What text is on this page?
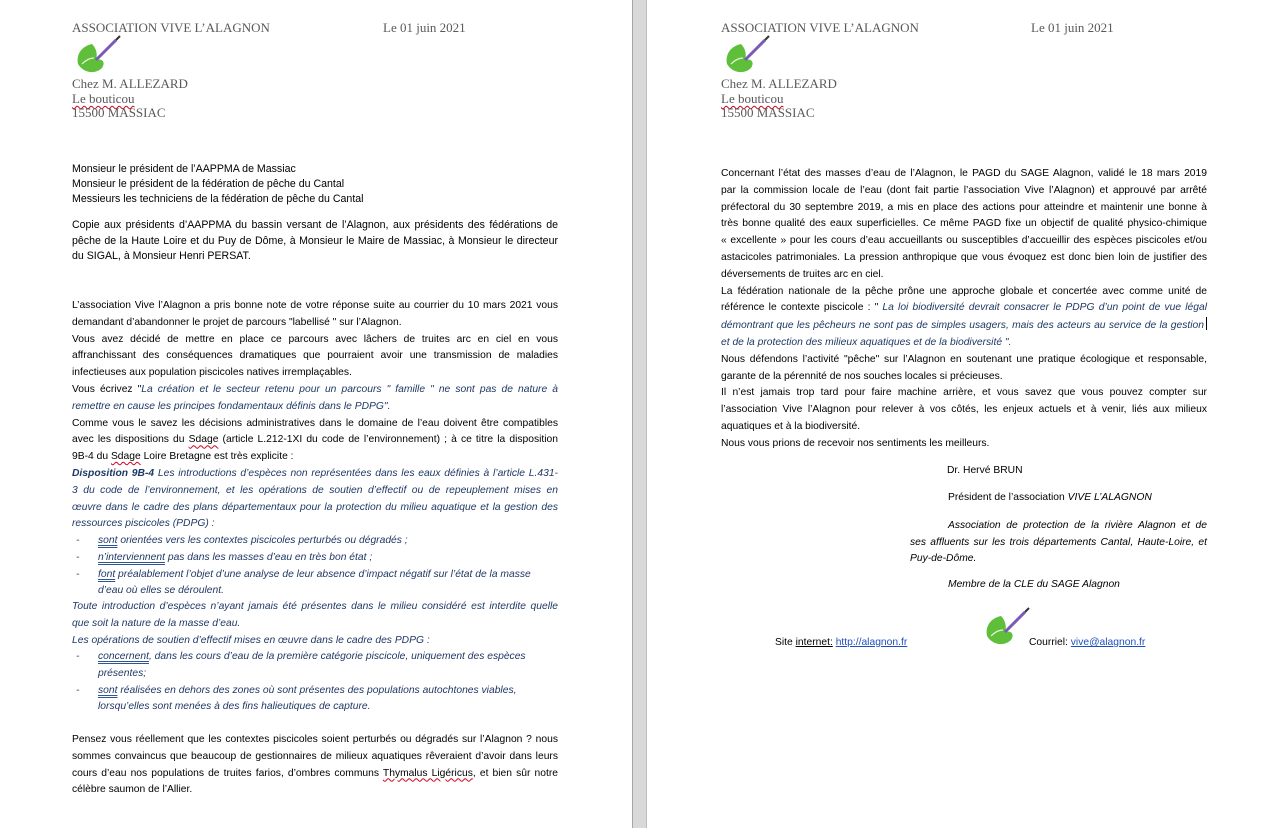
ASSOCIATION VIVE L’ALAGNON	Le 01 juin 2021
Chez M. ALLEZARD
Le bouticou
15500 MASSIAC
Monsieur le président de l’AAPPMA de Massiac
Monsieur le président de la fédération de pêche du Cantal
Messieurs les techniciens de la fédération de pêche du Cantal
Copie aux présidents d’AAPPMA du bassin versant de l’Alagnon, aux présidents des fédérations de
pêche de la Haute Loire et du Puy de Dôme, à Monsieur le Maire de Massiac, à Monsieur le directeur
du SIGAL, à Monsieur Henri PERSAT.
L’association Vive l’Alagnon a pris bonne note de votre réponse suite au courrier du 10 mars 2021 vous
demandant d’abandonner le projet de parcours "labellisé " sur l’Alagnon.
Vous avez décidé de mettre en place ce parcours avec lâchers de truites arc en ciel en vous
affranchissant des conséquences dramatiques que pourraient avoir une transmission de maladies
infectieuses aux population piscicoles natives irremplaçables.
Vous écrivez "La création et le secteur retenu pour un parcours " famille " ne sont pas de nature à
remettre en cause les principes fondamentaux définis dans le PDPG".
Comme vous le savez les décisions administratives dans le domaine de l’eau doivent être compatibles
avec les dispositions du Sdage (article L.212-1XI du code de l’environnement) ; à ce titre la disposition
9B-4 du Sdage Loire Bretagne est très explicite :
Disposition 9B-4 Les introductions d’espèces non représentées dans les eaux définies à l’article L.431-
3 du code de l’environnement, et les opérations de soutien d’effectif ou de repeuplement mises en
œuvre dans le cadre des plans départementaux pour la protection du milieu aquatique et la gestion des
ressources piscicoles (PDPG) :
- sont orientées vers les contextes piscicoles perturbés ou dégradés ;
- n’interviennent pas dans les masses d’eau en très bon état ;
- font préalablement l’objet d’une analyse de leur absence d’impact négatif sur l’état de la masse
d’eau où elles se déroulent.
Toute introduction d’espèces n’ayant jamais été présentes dans le milieu considéré est interdite quelle
que soit la nature de la masse d’eau.
Les opérations de soutien d’effectif mises en œuvre dans le cadre des PDPG :
- concernent, dans les cours d’eau de la première catégorie piscicole, uniquement des espèces
présentes;
- sont réalisées en dehors des zones où sont présentes des populations autochtones viables,
lorsqu’elles sont menées à des fins halieutiques de capture.
Pensez vous réellement que les contextes piscicoles soient perturbés ou dégradés sur l’Alagnon ? nous
sommes convaincus que beaucoup de gestionnaires de milieux aquatiques rêveraient d’avoir dans leurs
cours d’eau nos populations de truites farios, d’ombres communs Thymalus Ligéricus, et bien sûr notre
célèbre saumon de l’Allier.
ASSOCIATION VIVE L’ALAGNON	Le 01 juin 2021
Chez M. ALLEZARD
Le bouticou
15500 MASSIAC
Concernant l’état des masses d’eau de l’Alagnon, le PAGD du SAGE Alagnon, validé le 18 mars 2019
par la commission locale de l’eau (dont fait partie l’association Vive l’Alagnon) et approuvé par arrêté
préfectoral du 30 septembre 2019, a mis en place des actions pour atteindre et maintenir une bonne à
très bonne qualité des eaux superficielles. Ce même PAGD fixe un objectif de qualité physico-chimique
« excellente » pour les cours d’eau accueillants ou susceptibles d’accueillir des espèces piscicoles et/ou
astacicoles patrimoniales. La pression anthropique que vous évoquez est donc bien loin de justifier des
déversements de truites arc en ciel.
La fédération nationale de la pêche prône une approche globale et concertée avec comme unité de
référence le contexte piscicole : " La loi biodiversité devrait consacrer le PDPG d’un point de vue légal
démontrant que les pêcheurs ne sont pas de simples usagers, mais des acteurs au service de la gestion
et de la protection des milieux aquatiques et de la biodiversité ".
Nous défendons l’activité "pêche" sur l’Alagnon en soutenant une pratique écologique et responsable,
garante de la pérennité de nos souches locales si précieuses.
Il n’est jamais trop tard pour faire machine arrière, et vous savez que vous pouvez compter sur
l’association Vive l’Alagnon pour relever à vos côtés, les enjeux actuels et à venir, liés aux milieux
aquatiques et à la biodiversité.
Nous vous prions de recevoir nos sentiments les meilleurs.
Dr. Hervé BRUN
Président de l’association VIVE L’ALAGNON
Association de protection de la rivière Alagnon et de
ses affluents sur les trois départements Cantal, Haute-Loire, et
Puy-de-Dôme.
Membre de la CLE du SAGE Alagnon
Site internet: http://alagnon.fr	Courriel: vive@alagnon.fr
